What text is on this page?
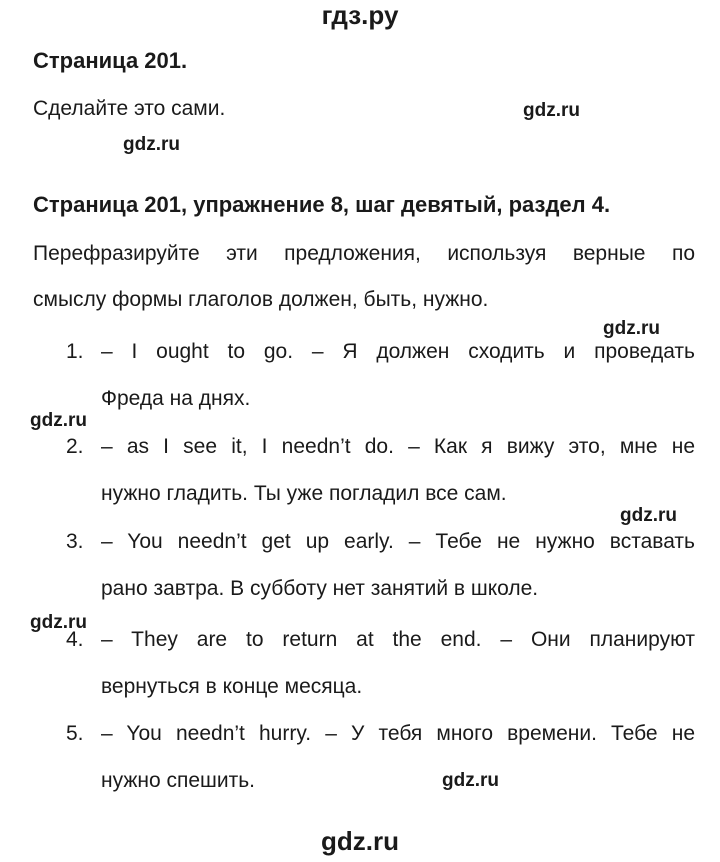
гдз.ру
Страница 201.
Сделайте это сами.	gdz.ru
gdz.ru
Страница 201, упражнение 8, шаг девятый, раздел 4.
Перефразируйте эти предложения, используя верные по
смыслу формы глаголов должен, быть, нужно.
gdz.ru
1. – I ought to go. – Я должен сходить и проведать
Фреда на днях.
gdz.ru
2. – as I see it, I needn’t do. – Как я вижу это, мне не
нужно гладить. Ты уже погладил все сам.
gdz.ru
3. – You needn’t get up early. – Тебе не нужно вставать
рано завтра. В субботу нет занятий в школе.
gdz.ru
4. – They are to return at the end. – Они планируют
вернуться в конце месяца.
5. – You needn’t hurry. – У тебя много времени. Тебе не
нужно спешить.	gdz.ru
gdz.ru
